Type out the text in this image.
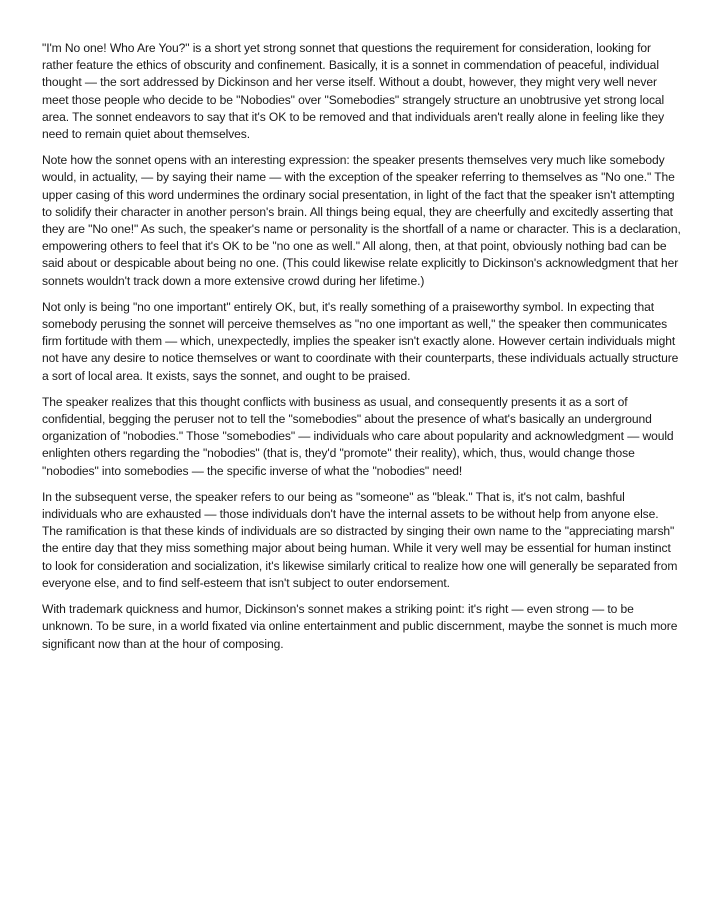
"I'm No one! Who Are You?" is a short yet strong sonnet that questions the requirement for consideration, looking for rather feature the ethics of obscurity and confinement. Basically, it is a sonnet in commendation of peaceful, individual thought — the sort addressed by Dickinson and her verse itself. Without a doubt, however, they might very well never meet those people who decide to be "Nobodies" over "Somebodies" strangely structure an unobtrusive yet strong local area. The sonnet endeavors to say that it's OK to be removed and that individuals aren't really alone in feeling like they need to remain quiet about themselves.

Note how the sonnet opens with an interesting expression: the speaker presents themselves very much like somebody would, in actuality, — by saying their name — with the exception of the speaker referring to themselves as "No one." The upper casing of this word undermines the ordinary social presentation, in light of the fact that the speaker isn't attempting to solidify their character in another person's brain. All things being equal, they are cheerfully and excitedly asserting that they are "No one!" As such, the speaker's name or personality is the shortfall of a name or character. This is a declaration, empowering others to feel that it's OK to be "no one as well." All along, then, at that point, obviously nothing bad can be said about or despicable about being no one. (This could likewise relate explicitly to Dickinson's acknowledgment that her sonnets wouldn't track down a more extensive crowd during her lifetime.)

Not only is being "no one important" entirely OK, but, it's really something of a praiseworthy symbol. In expecting that somebody perusing the sonnet will perceive themselves as "no one important as well," the speaker then communicates firm fortitude with them — which, unexpectedly, implies the speaker isn't exactly alone. However certain individuals might not have any desire to notice themselves or want to coordinate with their counterparts, these individuals actually structure a sort of local area. It exists, says the sonnet, and ought to be praised.

The speaker realizes that this thought conflicts with business as usual, and consequently presents it as a sort of confidential, begging the peruser not to tell the "somebodies" about the presence of what's basically an underground organization of "nobodies." Those "somebodies" — individuals who care about popularity and acknowledgment — would enlighten others regarding the "nobodies" (that is, they'd "promote" their reality), which, thus, would change those "nobodies" into somebodies — the specific inverse of what the "nobodies" need!

In the subsequent verse, the speaker refers to our being as "someone" as "bleak." That is, it's not calm, bashful individuals who are exhausted — those individuals don't have the internal assets to be without help from anyone else. The ramification is that these kinds of individuals are so distracted by singing their own name to the "appreciating marsh" the entire day that they miss something major about being human. While it very well may be essential for human instinct to look for consideration and socialization, it's likewise similarly critical to realize how one will generally be separated from everyone else, and to find self-esteem that isn't subject to outer endorsement.

With trademark quickness and humor, Dickinson's sonnet makes a striking point: it's right — even strong — to be unknown. To be sure, in a world fixated via online entertainment and public discernment, maybe the sonnet is much more significant now than at the hour of composing.
